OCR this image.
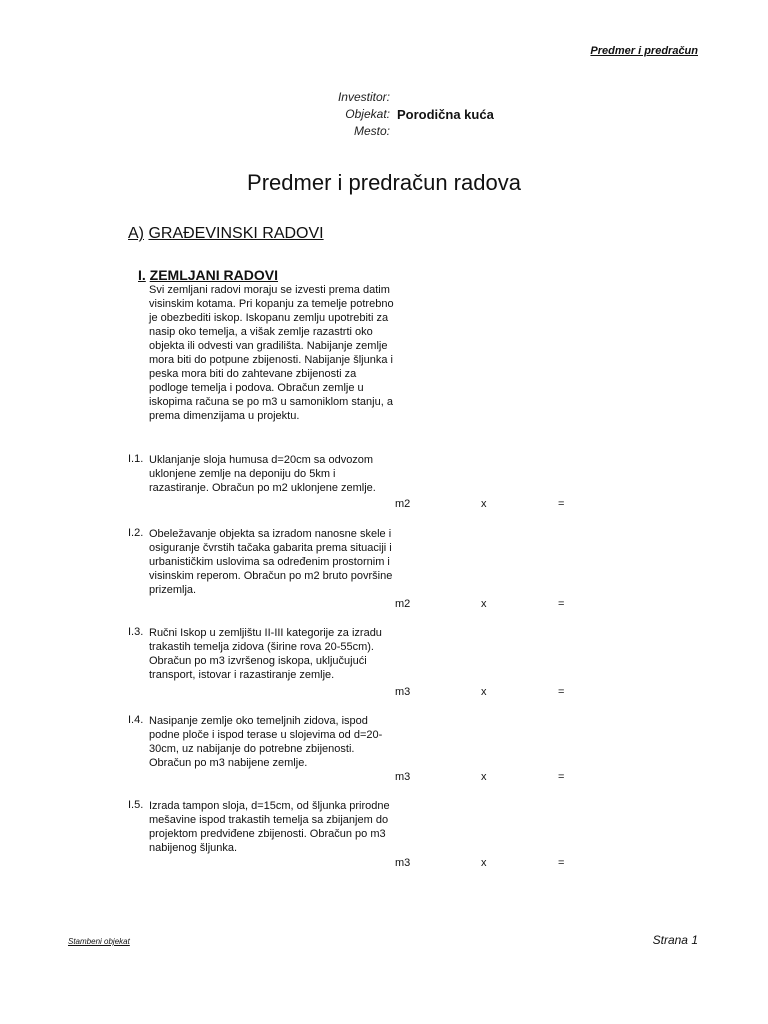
Predmer i predračun
Investitor:
Objekat: Porodična kuća
Mesto:
Predmer i predračun radova
A) GRAĐEVINSKI RADOVI
I. ZEMLJANI RADOVI
Svi zemljani radovi moraju se izvesti prema datim visinskim kotama. Pri kopanju za temelje potrebno je obezbediti iskop. Iskopanu zemlju upotrebiti za nasip oko temelja, a višak zemlje razastrti oko objekta ili odvesti van gradilišta. Nabijanje zemlje mora biti do potpune zbijenosti. Nabijanje šljunka i peska mora biti do zahtevane zbijenosti za podloge temelja i podova. Obračun zemlje u iskopima računa se po m3 u samoniklom stanju, a prema dimenzijama u projektu.
I.1. Uklanjanje sloja humusa d=20cm sa odvozom uklonjene zemlje na deponiju do 5km i razastiranje. Obračun po m2 uklonjene zemlje.
m2	x	=
I.2. Obeležavanje objekta sa izradom nanosne skele i osiguranje čvrstih tačaka gabarita prema situaciji i urbanističkim uslovima sa određenim prostornim i visinskim reperom. Obračun po m2 bruto površine prizemlja.
m2	x	=
I.3. Ručni Iskop u zemljištu II-III kategorije za izradu trakastih temelja zidova (širine rova 20-55cm). Obračun po m3 izvršenog iskopa, uključujući transport, istovar i razastiranje zemlje.
m3	x	=
I.4. Nasipanje zemlje oko temeljnih zidova, ispod podne ploče i ispod terase u slojevima od d=20-30cm, uz nabijanje do potrebne zbijenosti. Obračun po m3 nabijene zemlje.
m3	x	=
I.5. Izrada tampon sloja, d=15cm, od šljunka prirodne mešavine ispod trakastih temelja sa zbijanjem do projektom predviđene zbijenosti. Obračun po m3 nabijenog šljunka.
m3	x	=
Stambeni objekat	Strana 1
